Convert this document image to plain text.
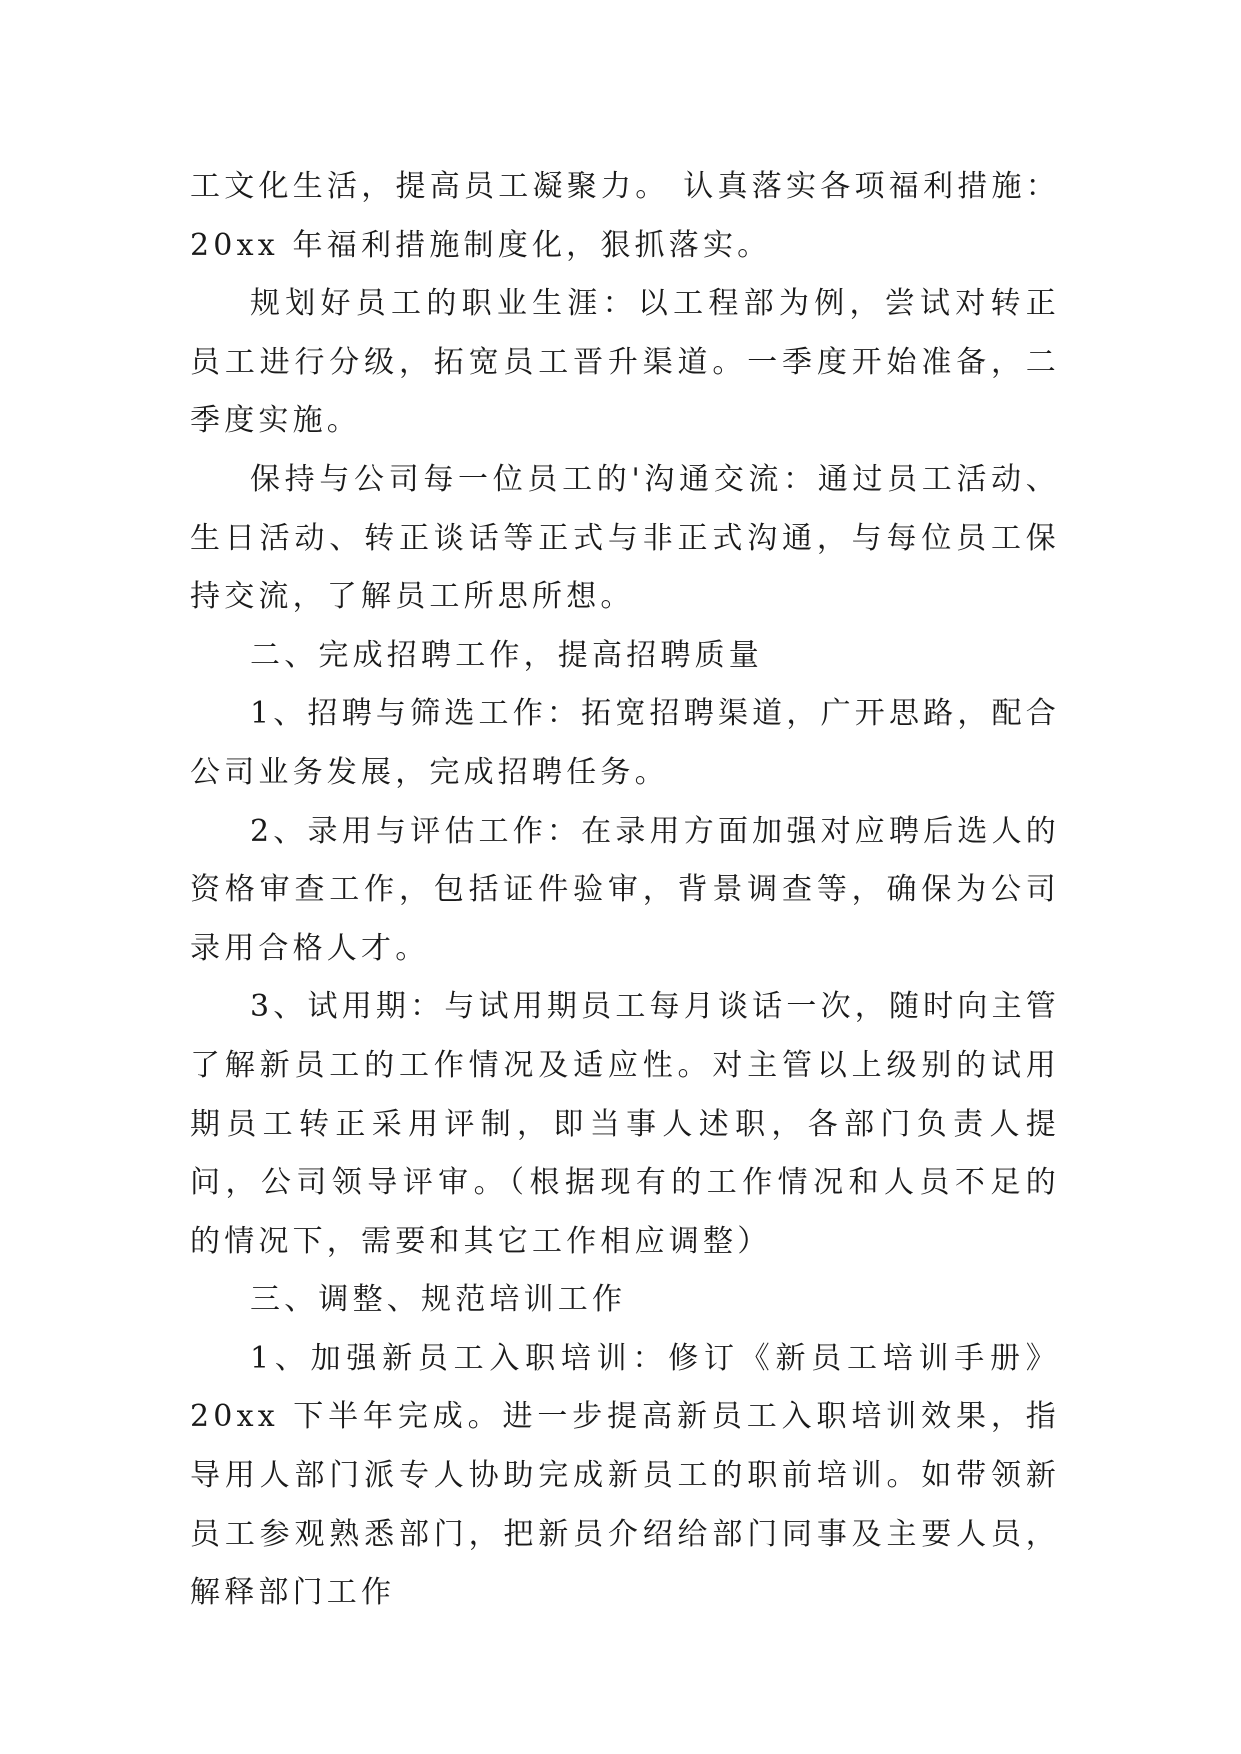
工文化生活，提高员工凝聚力。 认真落实各项福利措施：20xx 年福利措施制度化，狠抓落实。

规划好员工的职业生涯：以工程部为例，尝试对转正员工进行分级，拓宽员工晋升渠道。一季度开始准备，二季度实施。

保持与公司每一位员工的'沟通交流：通过员工活动、生日活动、转正谈话等正式与非正式沟通，与每位员工保持交流，了解员工所思所想。

二、完成招聘工作，提高招聘质量

1、招聘与筛选工作：拓宽招聘渠道，广开思路，配合公司业务发展，完成招聘任务。

2、录用与评估工作：在录用方面加强对应聘后选人的资格审查工作，包括证件验审，背景调查等，确保为公司录用合格人才。

3、试用期：与试用期员工每月谈话一次，随时向主管了解新员工的工作情况及适应性。对主管以上级别的试用期员工转正采用评制，即当事人述职，各部门负责人提问，公司领导评审。（根据现有的工作情况和人员不足的的情况下，需要和其它工作相应调整）

三、调整、规范培训工作

1、加强新员工入职培训：修订《新员工培训手册》20xx 下半年完成。进一步提高新员工入职培训效果，指导用人部门派专人协助完成新员工的职前培训。如带领新员工参观熟悉部门，把新员介绍给部门同事及主要人员，解释部门工作
